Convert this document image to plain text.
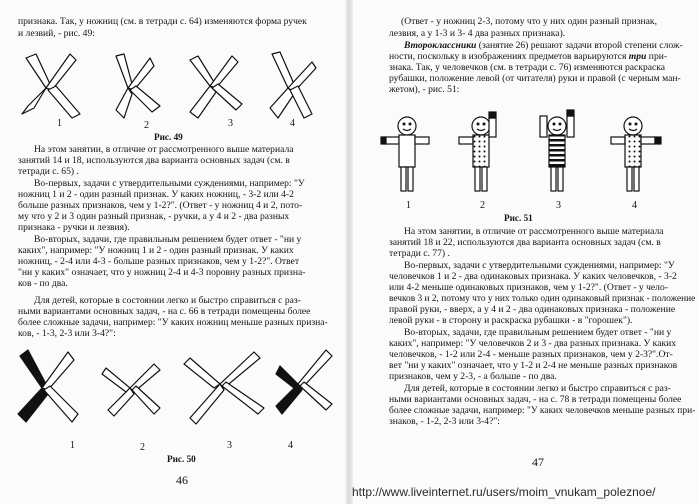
признака. Так, у ножниц (см. в тетради с. 64) изменяются форма ручек
и лезвий, - рис. 49:
1	2	3	4
Рис. 49
На этом занятии, в отличие от рассмотренного выше материала
занятий 14 и 18, используются два варианта основных задач (см. в
тетради с. 65) .
Во-первых, задачи с утвердительными суждениями, например: "У
ножниц 1 и 2 - один разный признак. У каких ножниц, - 3-2 или 4-2
больше разных признаков, чем у 1-2?". (Ответ - у ножниц 4 и 2, пото-
му что у 2 и 3 один разный признак, - ручки, а у 4 и 2 - два разных
признака - ручки и лезвия).
Во-вторых, задачи, где правильным решением будет ответ - "ни у
каких", например: "У ножниц 1 и 2 - один разный признак. У каких
ножниц, - 2-4 или 4-3 - больше разных признаков, чем у 1-2?". Ответ
"ни у каких" означает, что у ножниц 2-4 и 4-3 поровну разных призна-
ков - по два.
Для детей, которые в состоянии легко и быстро справиться с раз-
ными вариантами основных задач, - на с. 66 в тетради помещены более
более сложные задачи, например: "У каких ножниц меньше разных призна-
ков, - 1-3, 2-3 или 3-4?":
1	2	3	4
Рис. 50
46
(Ответ - у ножниц 2-3, потому что у них один разный признак,
лезвия, а у 1-3 и 3- 4 два разных признака).
Второклассники (занятие 26) решают задачи второй степени слож-
ности, поскольку в изображениях предметов варьируются три при-
знака. Так, у человечков (см. в тетради с. 76) изменяются раскраска
рубашки, положение левой (от читателя) руки и правой (с черным ман-
жетом), - рис. 51:
1	2	3	4
Рис. 51
На этом занятии, в отличие от рассмотренного выше материала
занятий 18 и 22, используются два варианта основных задач (см. в
тетради с. 77) .
Во-первых, задачи с утвердительными суждениями, например: "У
человечков 1 и 2 - два одинаковых признака. У каких человечков, - 3-2
или 4-2 меньше одинаковых признаков, чем у 1-2?". (Ответ - у чело-
вечков 3 и 2, потому что у них только один одинаковый признак - положение
правой руки, - вверх, а у 4 и 2 - два одинаковых признака - положение
левой руки - в сторону и раскраска рубашки - в "горошек").
Во-вторых, задачи, где правильным решением будет ответ - "ни у
каких", например: "У человечков 2 и 3 - два разных признака. У каких
человечков, - 1-2 или 2-4 - меньше разных признаков, чем у 2-3?".От-
вет "ни у каких" означает, что у 1-2 и 2-4 не меньше разных признаков
признаков, чем у 2-3, - а больше - по два.
Для детей, которые в состоянии легко и быстро справиться с раз-
ными вариантами основных задач, - на с. 78 в тетради помещены более
более сложные задачи, например: "У каких человечков меньше разных при-
знаков, - 1-2, 2-3 или 3-4?":
47
http://www.liveinternet.ru/users/moim_vnukam_poleznoe/
